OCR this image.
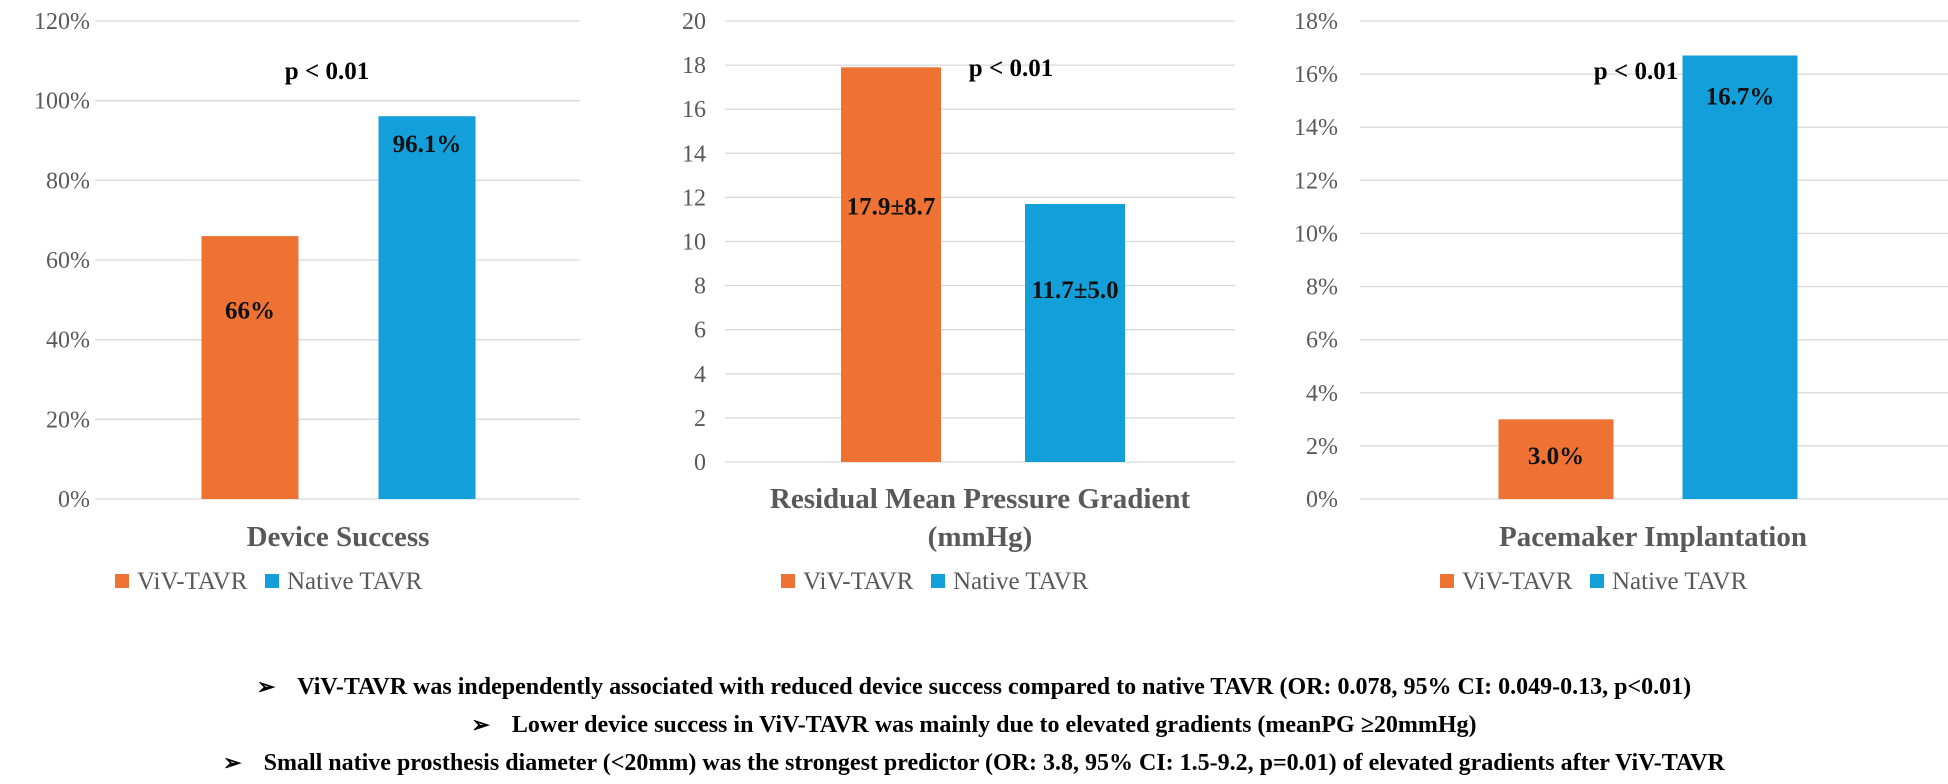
0%
20%
40%
60%
80%
100%
120%
66%
96.1%
p < 0.01
Device Success
ViV-TAVR Native TAVR
0
2
4
6
8
10
12
14
16
18
20
17.9±8.7
11.7±5.0
p < 0.01
Residual Mean Pressure Gradient
(mmHg)
ViV-TAVR Native TAVR
0%
2%
4%
6%
8%
10%
12%
14%
16%
18%
3.0%
16.7%
p < 0.01
Pacemaker Implantation
ViV-TAVR Native TAVR
➢ ViV-TAVR was independently associated with reduced device success compared to native TAVR (OR: 0.078, 95% CI: 0.049-0.13, p<0.01)
➢ Lower device success in ViV-TAVR was mainly due to elevated gradients (meanPG ≥20mmHg)
➢ Small native prosthesis diameter (<20mm) was the strongest predictor (OR: 3.8, 95% CI: 1.5-9.2, p=0.01) of elevated gradients after ViV-TAVR
